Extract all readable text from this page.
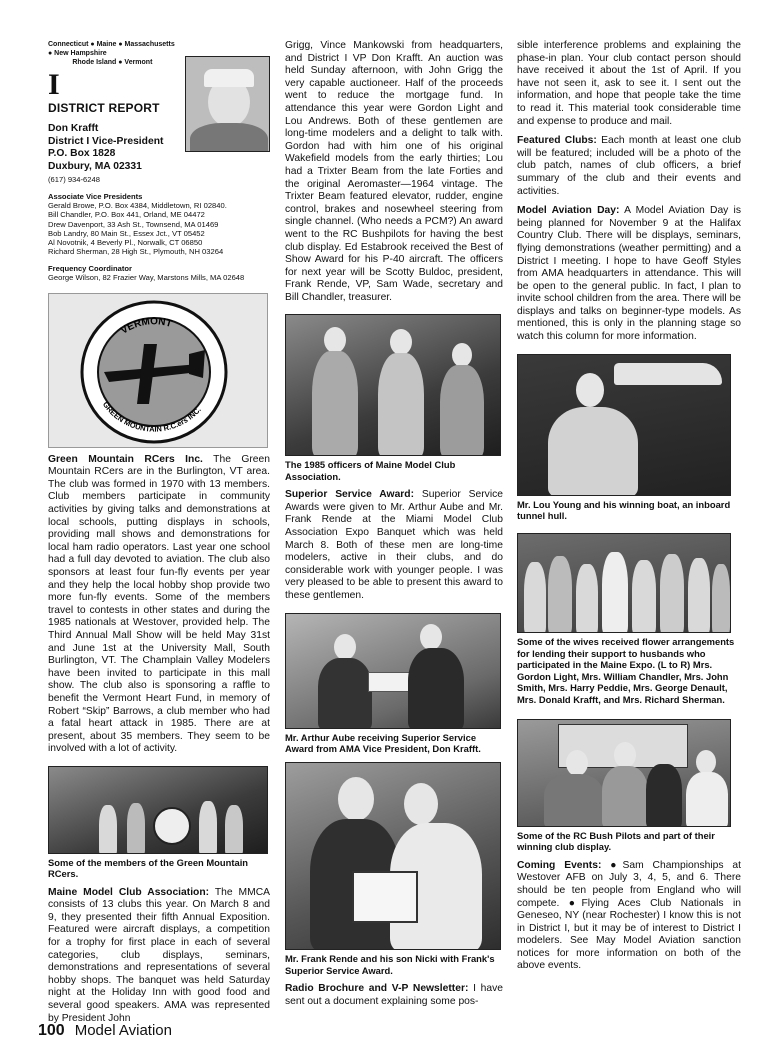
Connecticut ● Maine ● Massachusetts ● New Hampshire
Rhode Island ● Vermont
I
DISTRICT REPORT
Don Krafft
District I Vice-President
P.O. Box 1828
Duxbury, MA 02331
(617) 934-6248
Associate Vice Presidents
Gerald Browe, P.O. Box 4384, Middletown, RI 02840.
Bill Chandler, P.O. Box 441, Orland, ME 04472
Drew Davenport, 33 Ash St., Townsend, MA 01469
Bob Landry, 80 Main St., Essex Jct., VT 05452
Al Novotnik, 4 Beverly Pl., Norwalk, CT 06850
Richard Sherman, 28 High St., Plymouth, NH 03264
Frequency Coordinator
George Wilson, 82 Frazier Way, Marstons Mills, MA 02648
VERMONT
GREEN MOUNTAIN R.C.ers INC.
Green Mountain RCers Inc. The Green Mountain RCers are in the Burlington, VT area. The club was formed in 1970 with 13 members. Club members participate in community activities by giving talks and demonstrations at local schools, putting displays in schools, providing mall shows and demonstrations for local ham radio operators. Last year one school had a full day devoted to aviation. The club also sponsors at least four fun-fly events per year and they help the local hobby shop provide two more fun-fly events. Some of the members travel to contests in other states and during the 1985 nationals at Westover, provided help. The Third Annual Mall Show will be held May 31st and June 1st at the University Mall, South Burlington, VT. The Champlain Valley Modelers have been invited to participate in this mall show. The club also is sponsoring a raffle to benefit the Vermont Heart Fund, in memory of Robert “Skip” Barrows, a club member who had a fatal heart attack in 1985. There are at present, about 35 members. They seem to be involved with a lot of activity.
Some of the members of the Green Mountain RCers.
Maine Model Club Association: The MMCA consists of 13 clubs this year. On March 8 and 9, they presented their fifth Annual Exposition. Featured were aircraft displays, a competition for a trophy for first place in each of several categories, club displays, seminars, demonstrations and representations of several hobby shops. The banquet was held Saturday night at the Holiday Inn with good food and several good speakers. AMA was represented by President John
Grigg, Vince Mankowski from headquarters, and District I VP Don Krafft. An auction was held Sunday afternoon, with John Grigg the very capable auctioneer. Half of the proceeds went to reduce the mortgage fund. In attendance this year were Gordon Light and Lou Andrews. Both of these gentlemen are long-time modelers and a delight to talk with. Gordon had with him one of his original Wakefield models from the early thirties; Lou had a Trixter Beam from the late Forties and the original Aeromaster—1964 vintage. The Trixter Beam featured elevator, rudder, engine control, brakes and nosewheel steering from single channel. (Who needs a PCM?) An award went to the RC Bushpilots for having the best club display. Ed Estabrook received the Best of Show Award for his P-40 aircraft. The officers for next year will be Scotty Buldoc, president, Frank Rende, VP, Sam Wade, secretary and Bill Chandler, treasurer.
The 1985 officers of Maine Model Club Association.
Superior Service Award: Superior Service Awards were given to Mr. Arthur Aube and Mr. Frank Rende at the Miami Model Club Association Expo Banquet which was held March 8. Both of these men are long-time modelers, active in their clubs, and do considerable work with younger people. I was very pleased to be able to present this award to these gentlemen.
Mr. Arthur Aube receiving Superior Service Award from AMA Vice President, Don Krafft.
Mr. Frank Rende and his son Nicki with Frank's Superior Service Award.
Radio Brochure and V-P Newsletter: I have sent out a document explaining some pos-
sible interference problems and explaining the phase-in plan. Your club contact person should have received it about the 1st of April. If you have not seen it, ask to see it. I sent out the information, and hope that people take the time to read it. This material took considerable time and expense to produce and mail.
Featured Clubs: Each month at least one club will be featured; included will be a photo of the club patch, names of club officers, a brief summary of the club and their events and activities.
Model Aviation Day: A Model Aviation Day is being planned for November 9 at the Halifax Country Club. There will be displays, seminars, flying demonstrations (weather permitting) and a District I meeting. I hope to have Geoff Styles from AMA headquarters in attendance. This will be open to the general public. In fact, I plan to invite school children from the area. There will be displays and talks on beginner-type models. As mentioned, this is only in the planning stage so watch this column for more information.
Mr. Lou Young and his winning boat, an inboard tunnel hull.
Some of the wives received flower arrangements for lending their support to husbands who participated in the Maine Expo. (L to R) Mrs. Gordon Light, Mrs. William Chandler, Mrs. John Smith, Mrs. Harry Peddie, Mrs. George Denault, Mrs. Donald Krafft, and Mrs. Richard Sherman.
Some of the RC Bush Pilots and part of their winning club display.
Coming Events: ●Sam Championships at Westover AFB on July 3, 4, 5, and 6. There should be ten people from England who will compete. ●Flying Aces Club Nationals in Geneseo, NY (near Rochester) I know this is not in District I, but it may be of interest to District I modelers. See May Model Aviation sanction notices for more information on both of the above events.
100 Model Aviation
